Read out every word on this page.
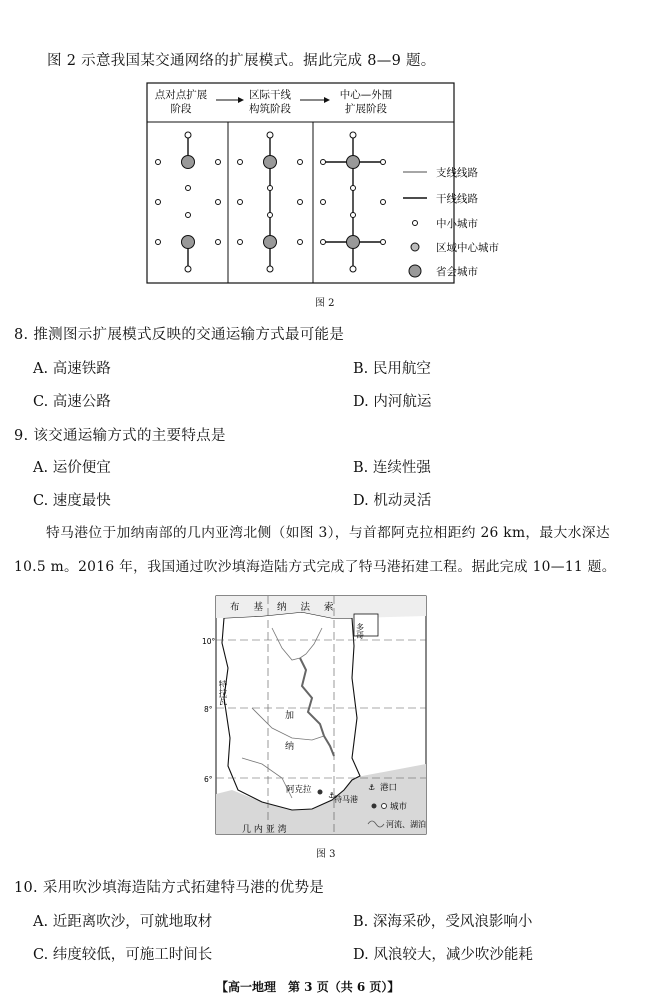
图 2 示意我国某交通网络的扩展模式。据此完成 8—9 题。
点对点扩展
阶段
区际干线
构筑阶段
中心—外围
扩展阶段
支线线路
干线线路
中小城市
区域中心城市
省会城市
图 2
8. 推测图示扩展模式反映的交通运输方式最可能是
A. 高速铁路	B. 民用航空
C. 高速公路	D. 内河航运
9. 该交通运输方式的主要特点是
A. 运价便宜	B. 连续性强
C. 速度最快	D. 机动灵活
特马港位于加纳南部的几内亚湾北侧（如图 3），与首都阿克拉相距约 26 km，最大水深达
10.5 m。2016 年，我国通过吹沙填海造陆方式完成了特马港拓建工程。据此完成 10—11 题。
多哥
布基纳法索
特拉瓦
加纳
几 内 亚 湾
10°
8°
6°
阿克拉
⚓
特马港
⚓ 港口
城市
河流、湖泊
图 3
10. 采用吹沙填海造陆方式拓建特马港的优势是
A. 近距离吹沙，可就地取材	B. 深海采砂，受风浪影响小
C. 纬度较低，可施工时间长	D. 风浪较大，减少吹沙能耗
【高一地理　第 3 页（共 6 页）】
